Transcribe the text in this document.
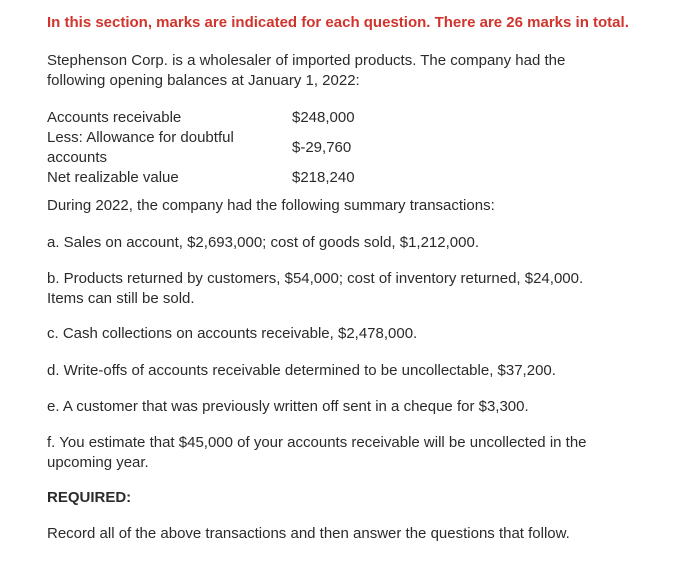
In this section, marks are indicated for each question. There are 26 marks in total.

Stephenson Corp. is a wholesaler of imported products. The company had the
following opening balances at January 1, 2022:
Accounts receivable	$248,000
Less: Allowance for doubtful
accounts
$-29,760
Net realizable value	$218,240
During 2022, the company had the following summary transactions:
a. Sales on account, $2,693,000; cost of goods sold, $1,212,000.
b. Products returned by customers, $54,000; cost of inventory returned, $24,000.
Items can still be sold.
c. Cash collections on accounts receivable, $2,478,000.
d. Write-offs of accounts receivable determined to be uncollectable, $37,200.
e. A customer that was previously written off sent in a cheque for $3,300.
f. You estimate that $45,000 of your accounts receivable will be uncollected in the
upcoming year.
REQUIRED:
Record all of the above transactions and then answer the questions that follow.
